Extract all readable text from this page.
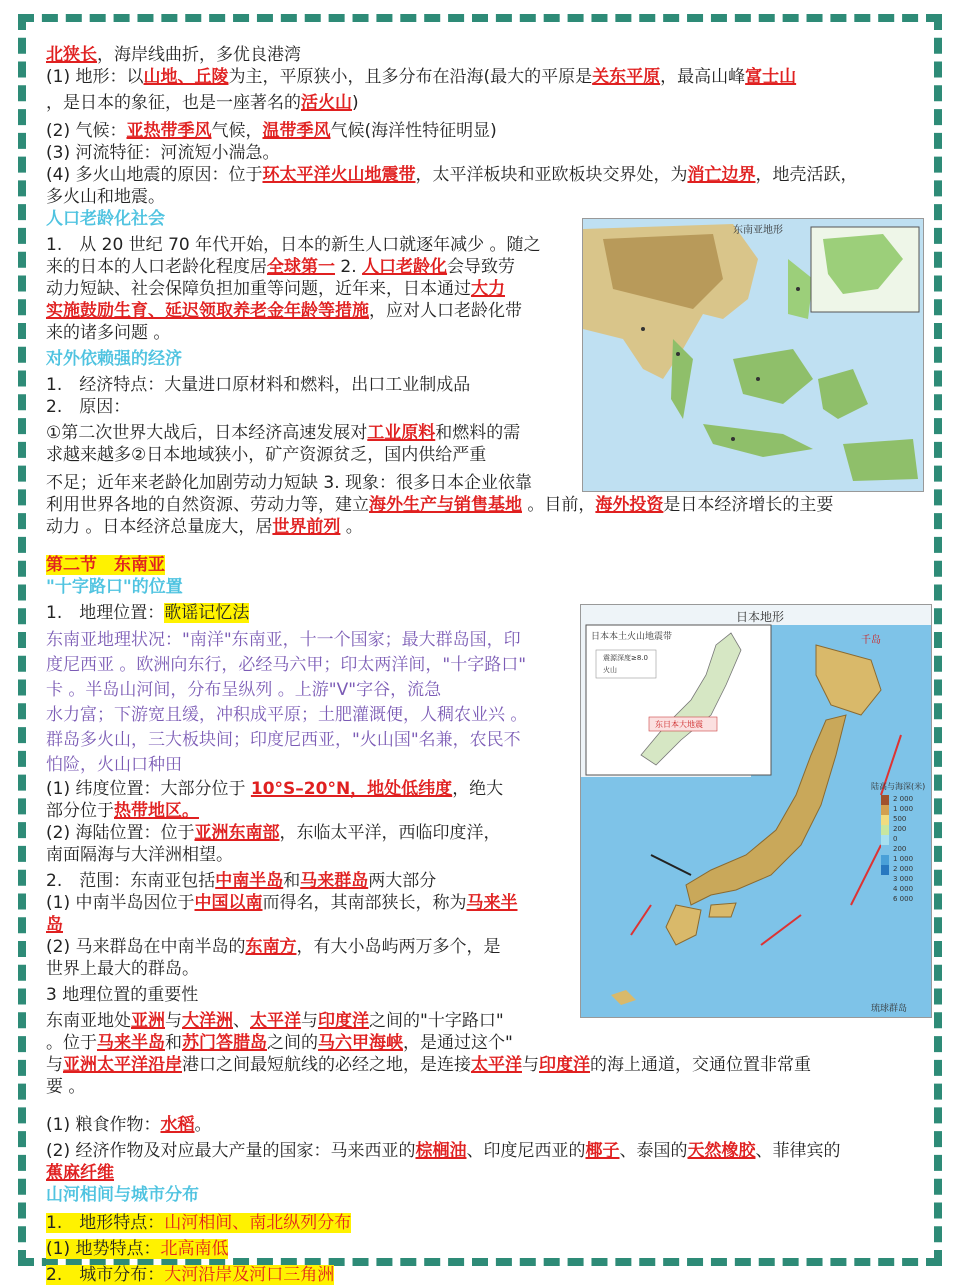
东南亚地形
日本地形
日本本土火山地震带
震源深度≥8.0
火山
东日本大地震
陆高与海深(米)
2 000
1 000
500
200
0
200
1 000
2 000
3 000
4 000
6 000
千岛
琉球群岛
北狭长，海岸线曲折，多优良港湾
(1) 地形：以山地、丘陵为主，平原狭小，且多分布在沿海(最大的平原是关东平原，最高山峰富士山
，是日本的象征，也是一座著名的活火山)
(2) 气候：亚热带季风气候，温带季风气候(海洋性特征明显)
(3) 河流特征：河流短小湍急。
(4) 多火山地震的原因：位于环太平洋火山地震带，太平洋板块和亚欧板块交界处，为消亡边界，地壳活跃，
多火山和地震。
人口老龄化社会
1.　从 20 世纪 70 年代开始，日本的新生人口就逐年减少 。随之
来的日本的人口老龄化程度居全球第一 2. 人口老龄化会导致劳
动力短缺、社会保障负担加重等问题，近年来，日本通过大力
实施鼓励生育、延迟领取养老金年龄等措施，应对人口老龄化带
来的诸多问题 。
对外依赖强的经济
1.　经济特点：大量进口原材料和燃料，出口工业制成品
2.　原因：
①第二次世界大战后，日本经济高速发展对工业原料和燃料的需
求越来越多②日本地域狭小，矿产资源贫乏，国内供给严重
不足；近年来老龄化加剧劳动力短缺 3. 现象：很多日本企业依靠
利用世界各地的自然资源、劳动力等，建立海外生产与销售基地 。目前，海外投资是日本经济增长的主要
动力 。日本经济总量庞大，居世界前列 。
第二节　东南亚
"十字路口"的位置
1.　地理位置：歌谣记忆法
东南亚地理状况："南洋"东南亚，十一个国家；最大群岛国，印
度尼西亚 。欧洲向东行，必经马六甲；印太两洋间，"十字路口"
卡 。半岛山河间，分布呈纵列 。上游"V"字谷，流急
水力富；下游宽且缓，冲积成平原；土肥灌溉便，人稠农业兴 。
群岛多火山，三大板块间；印度尼西亚，"火山国"名兼，农民不
怕险，火山口种田
(1) 纬度位置：大部分位于 10°S–20°N，地处低纬度，绝大
部分位于热带地区。
(2) 海陆位置：位于亚洲东南部，东临太平洋，西临印度洋，
南面隔海与大洋洲相望。
2.　范围：东南亚包括中南半岛和马来群岛两大部分
(1) 中南半岛因位于中国以南而得名，其南部狭长，称为马来半
岛
(2) 马来群岛在中南半岛的东南方，有大小岛屿两万多个，是
世界上最大的群岛。
3 地理位置的重要性
东南亚地处亚洲与大洋洲、太平洋与印度洋之间的"十字路口"
。位于马来半岛和苏门答腊岛之间的马六甲海峡，是通过这个"
与亚洲太平洋沿岸港口之间最短航线的必经之地，是连接太平洋与印度洋的海上通道，交通位置非常重
要 。
(1) 粮食作物：水稻。
(2) 经济作物及对应最大产量的国家：马来西亚的棕榈油、印度尼西亚的椰子、泰国的天然橡胶、菲律宾的
蕉麻纤维
山河相间与城市分布
1.　地形特点：山河相间、南北纵列分布
(1) 地势特点：北高南低
2.　城市分布：大河沿岸及河口三角洲
